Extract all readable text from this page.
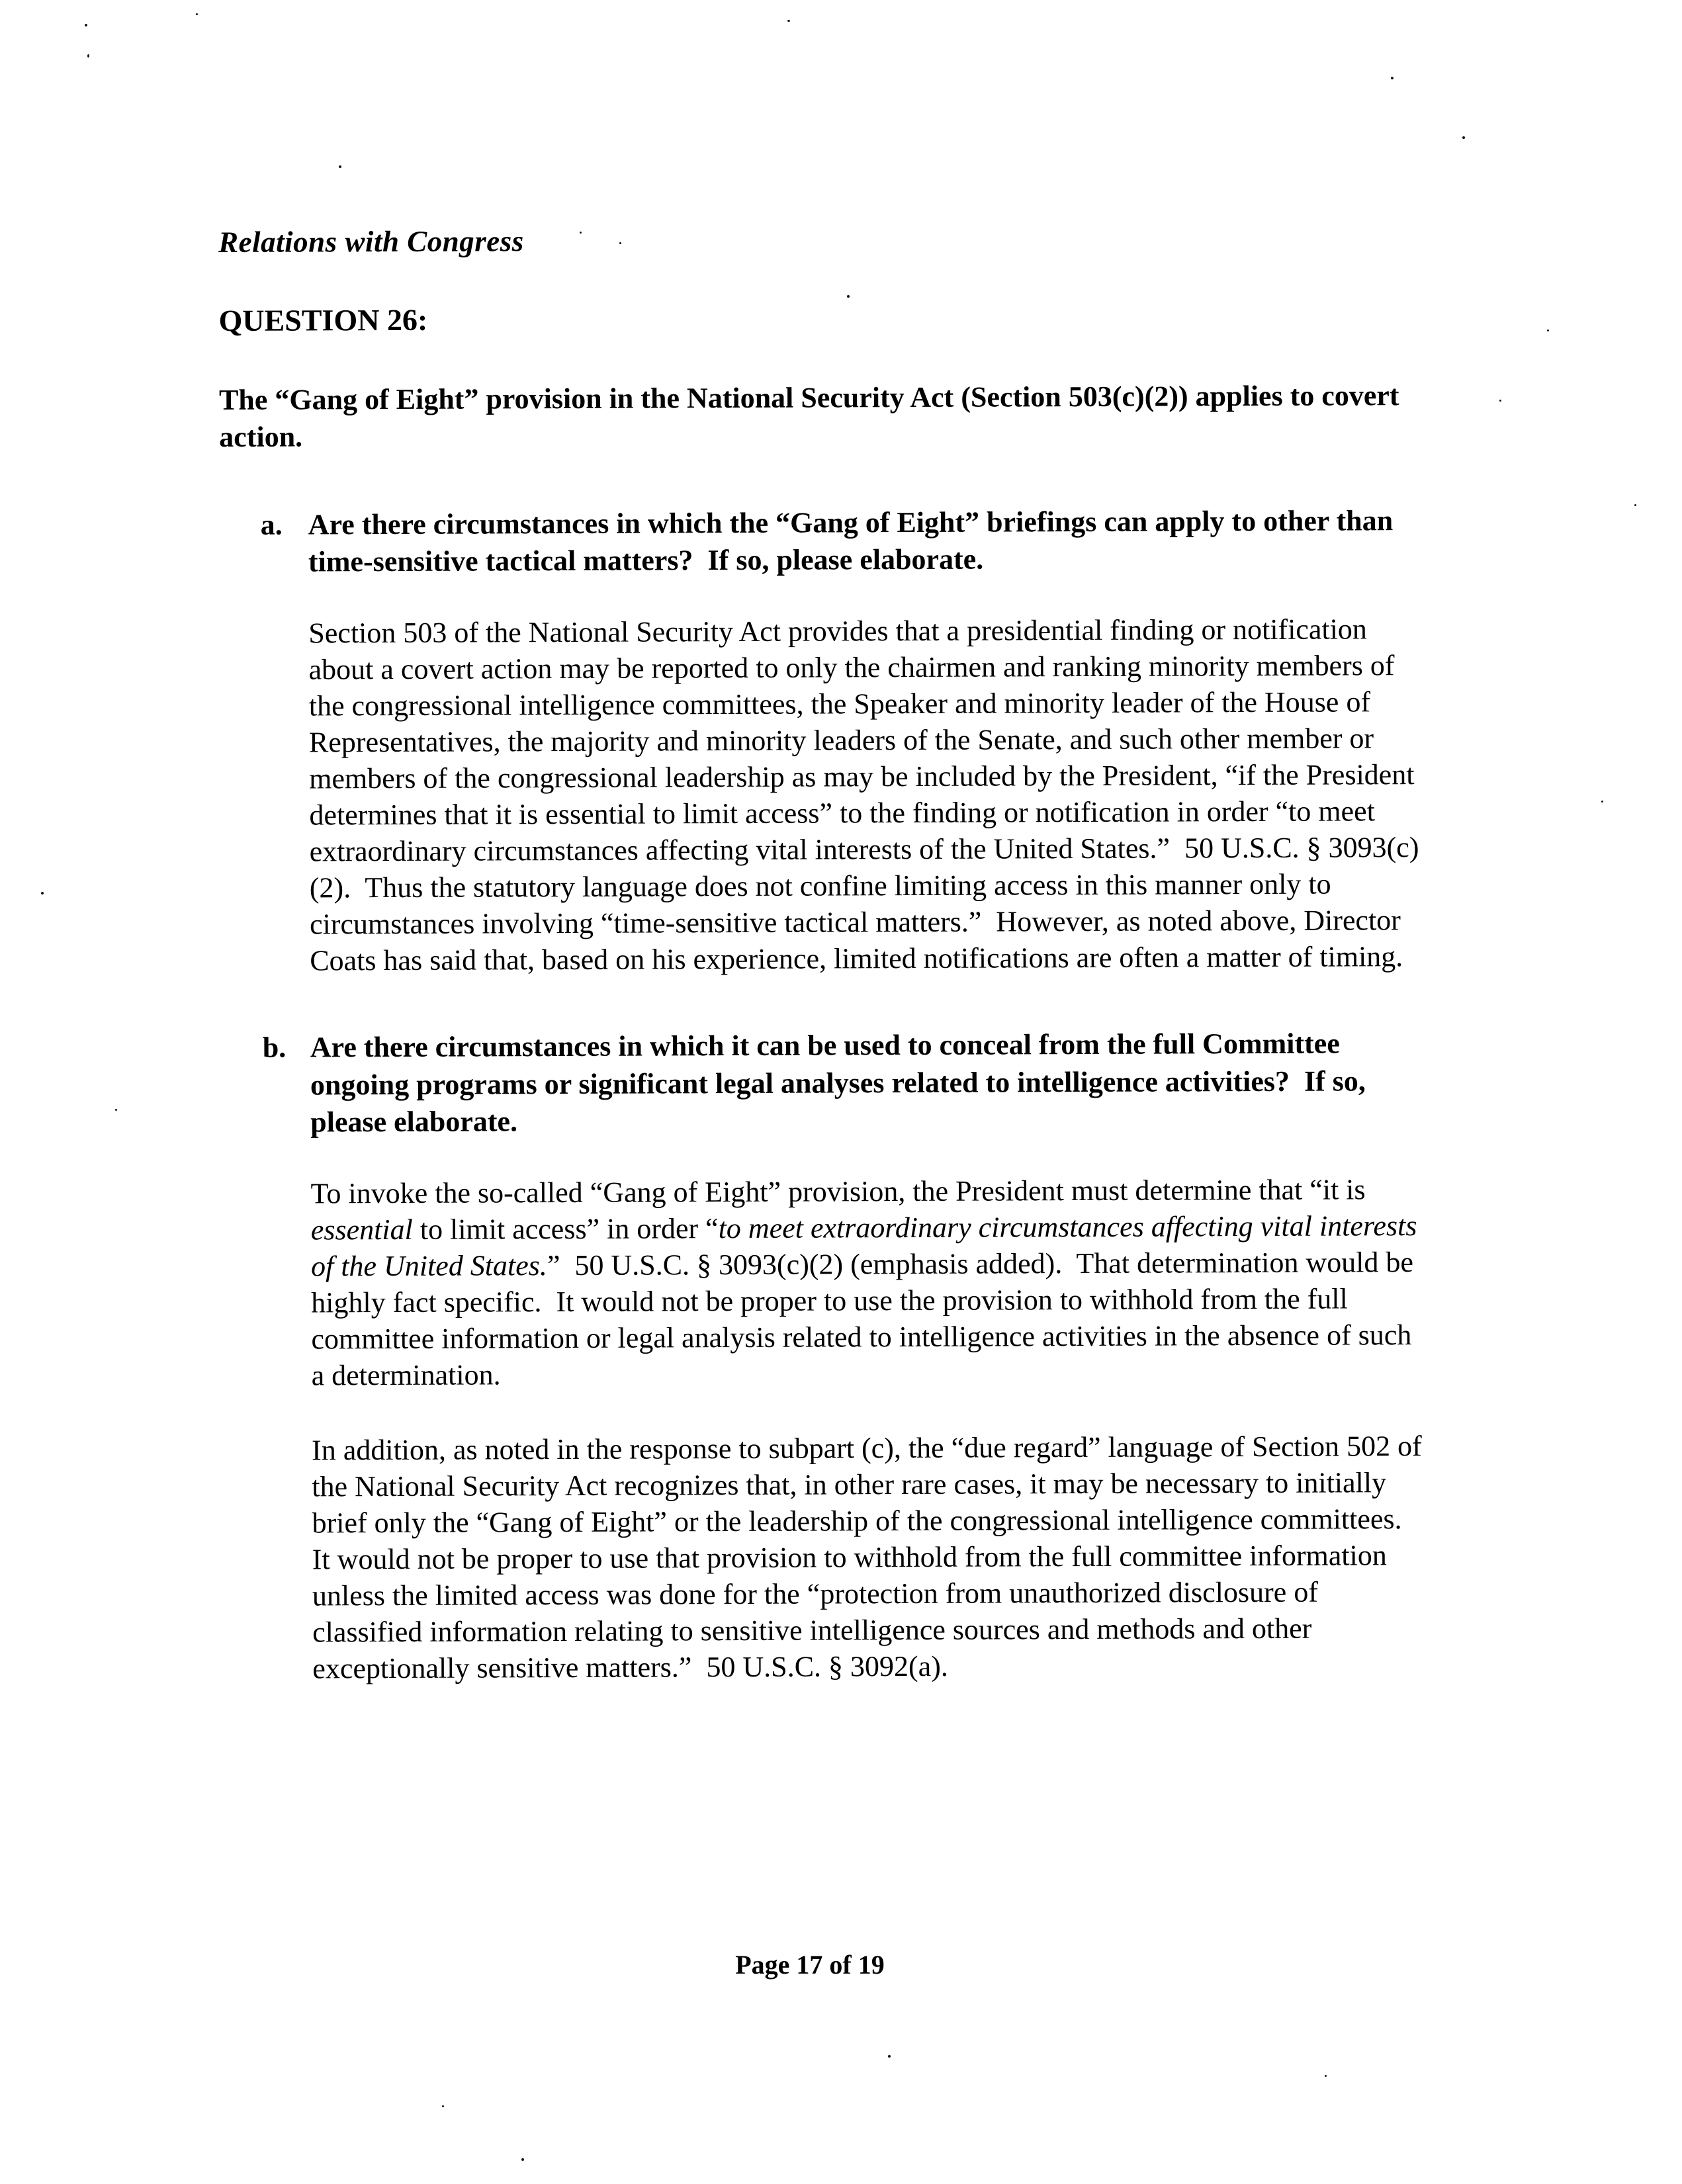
Relations with Congress
QUESTION 26:
The “Gang of Eight” provision in the National Security Act (Section 503(c)(2)) applies to covert action.
a. Are there circumstances in which the “Gang of Eight” briefings can apply to other than time-sensitive tactical matters?  If so, please elaborate.

Section 503 of the National Security Act provides that a presidential finding or notification about a covert action may be reported to only the chairmen and ranking minority members of the congressional intelligence committees, the Speaker and minority leader of the House of Representatives, the majority and minority leaders of the Senate, and such other member or members of the congressional leadership as may be included by the President, “if the President determines that it is essential to limit access” to the finding or notification in order “to meet extraordinary circumstances affecting vital interests of the United States.”  50 U.S.C. § 3093(c)(2).  Thus the statutory language does not confine limiting access in this manner only to circumstances involving “time-sensitive tactical matters.”  However, as noted above, Director Coats has said that, based on his experience, limited notifications are often a matter of timing.

b. Are there circumstances in which it can be used to conceal from the full Committee ongoing programs or significant legal analyses related to intelligence activities?  If so, please elaborate.

To invoke the so-called “Gang of Eight” provision, the President must determine that “it is essential to limit access” in order “to meet extraordinary circumstances affecting vital interests of the United States.”  50 U.S.C. § 3093(c)(2) (emphasis added).  That determination would be highly fact specific.  It would not be proper to use the provision to withhold from the full committee information or legal analysis related to intelligence activities in the absence of such a determination.

In addition, as noted in the response to subpart (c), the “due regard” language of Section 502 of the National Security Act recognizes that, in other rare cases, it may be necessary to initially brief only the “Gang of Eight” or the leadership of the congressional intelligence committees.  It would not be proper to use that provision to withhold from the full committee information unless the limited access was done for the “protection from unauthorized disclosure of classified information relating to sensitive intelligence sources and methods and other exceptionally sensitive matters.”  50 U.S.C. § 3092(a).

Page 17 of 19
